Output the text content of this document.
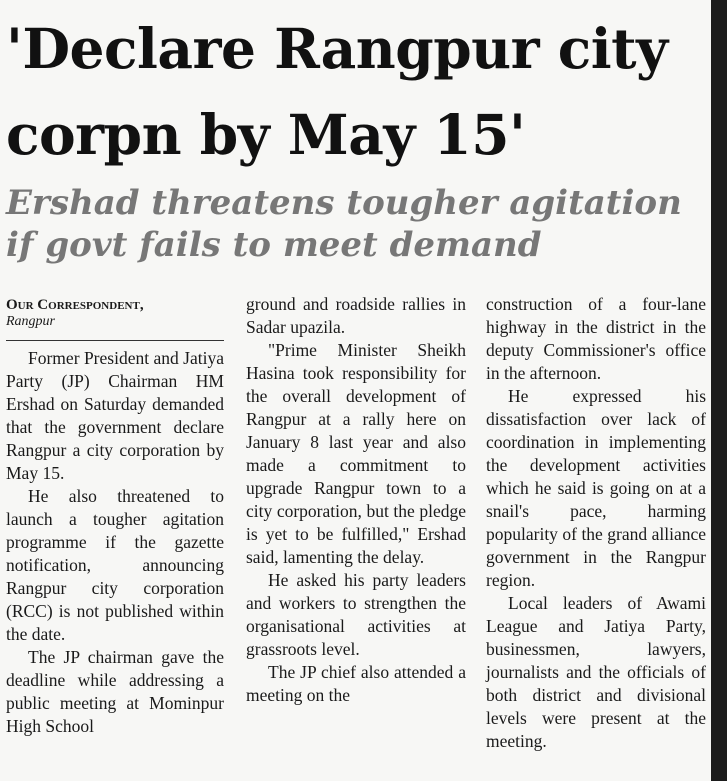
'Declare Rangpur city corpn by May 15'
Ershad threatens tougher agitation if govt fails to meet demand
Our Correspondent,
Rangpur

Former President and Jatiya Party (JP) Chairman HM Ershad on Saturday demanded that the government declare Rangpur a city corporation by May 15.

He also threatened to launch a tougher agitation programme if the gazette notification, announcing Rangpur city corporation (RCC) is not published within the date.

The JP chairman gave the deadline while addressing a public meeting at Mominpur High School

ground and roadside rallies in Sadar upazila.

"Prime Minister Sheikh Hasina took responsibility for the overall development of Rangpur at a rally here on January 8 last year and also made a commitment to upgrade Rangpur town to a city corporation, but the pledge is yet to be fulfilled," Ershad said, lamenting the delay.

He asked his party leaders and workers to strengthen the organisational activities at grassroots level.

The JP chief also attended a meeting on the

construction of a four-lane highway in the district in the deputy Commissioner's office in the afternoon.

He expressed his dissatisfaction over lack of coordination in implementing the development activities which he said is going on at a snail's pace, harming popularity of the grand alliance government in the Rangpur region.

Local leaders of Awami League and Jatiya Party, businessmen, lawyers, journalists and the officials of both district and divisional levels were present at the meeting.
